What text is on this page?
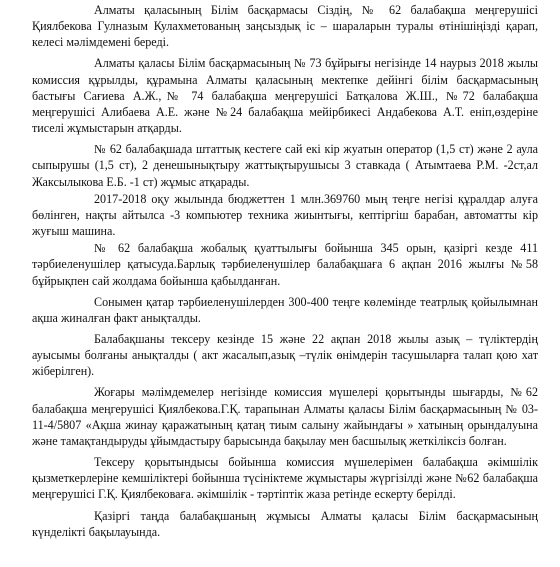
Алматы қаласының Білім басқармасы Сіздің, № 62 балабақша меңгерушісі Қиялбекова Гулназым Кулахметованың заңсыздық іс – шараларын туралы өтінішіңізді қарап, келесі мәлімдемені береді.

Алматы қаласы Білім басқармасының № 73 бұйрығы негізінде 14 наурыз 2018 жылы комиссия құрылды, құрамына Алматы қаласының мектепке дейінгі білім басқармасының бастығы Сағиева А.Ж.,№ 74 балабақша меңгерушісі Батқалова Ж.Ш., №72 балабақша меңгерушісі Алибаева А.Е. және №24 балабақша мейірбикесі Андабекова А.Т. еніп,өздеріне тиселі жұмыстарын атқарды.

№ 62 балабақшада штаттық кестеге сай екі кір жуатын оператор (1,5 ст) және 2 аула сыпырушы (1,5 ст), 2 денешынықтыру жаттықтырушысы 3 ставкада ( Атымтаева Р.М. -2ст,ал Жаксылыкова Е.Б. -1 ст) жұмыс атқарады.

2017-2018 оқу жылында бюджеттен 1 млн.369760 мың теңге негізі құралдар алуға бөлінген, нақты айтылса -3 компьютер техника жиынтығы, кептіргіш барабан, автоматты кір жуғыш машина.

№ 62 балабақша жобалық қуаттылығы бойынша 345 орын, қазіргі кезде 411 тәрбиеленушілер қатысуда.Барлық тәрбиеленушілер балабақшаға 6 ақпан 2016 жылғы №58 бұйрықпен сай жолдама бойынша қабылданған.

Сонымен қатар тәрбиеленушілерден 300-400 теңге көлемінде театрлық қойылымнан ақша жиналған факт анықталды.

Балабақшаны тексеру кезінде 15 және 22 ақпан 2018 жылы азық – түліктердің ауысымы болғаны анықталды ( акт жасалып,азық –түлік өнімдерін тасушыларға талап қою хат жіберілген).

Жоғары мәлімдемелер негізінде комиссия мүшелері қорытынды шығарды, №62 балабақша меңгерушісі Қиялбекова.Г.Қ. тарапынан Алматы қаласы Білім басқармасының № 03-11-4/5807 «Ақша жинау қаражатының қатаң тиым салыну жайындағы » хатының орындалуына және тамақтандыруды ұйымдастыру барысында бақылау мен басшылық жеткіліксіз болған.

Тексеру қорытындысы бойынша комиссия мүшелерімен балабақша әкімшілік қызметкерлеріне кемшіліктері бойынша түсініктеме жұмыстары жүргізілді және №62 балабақша меңгерушісі Г.Қ. Қиялбековаға. әкімшілік - тәртіптік жаза ретінде ескерту берілді.

Қазіргі таңда балабақшаның жұмысы Алматы қаласы Білім басқармасының күнделікті бақылауында.
